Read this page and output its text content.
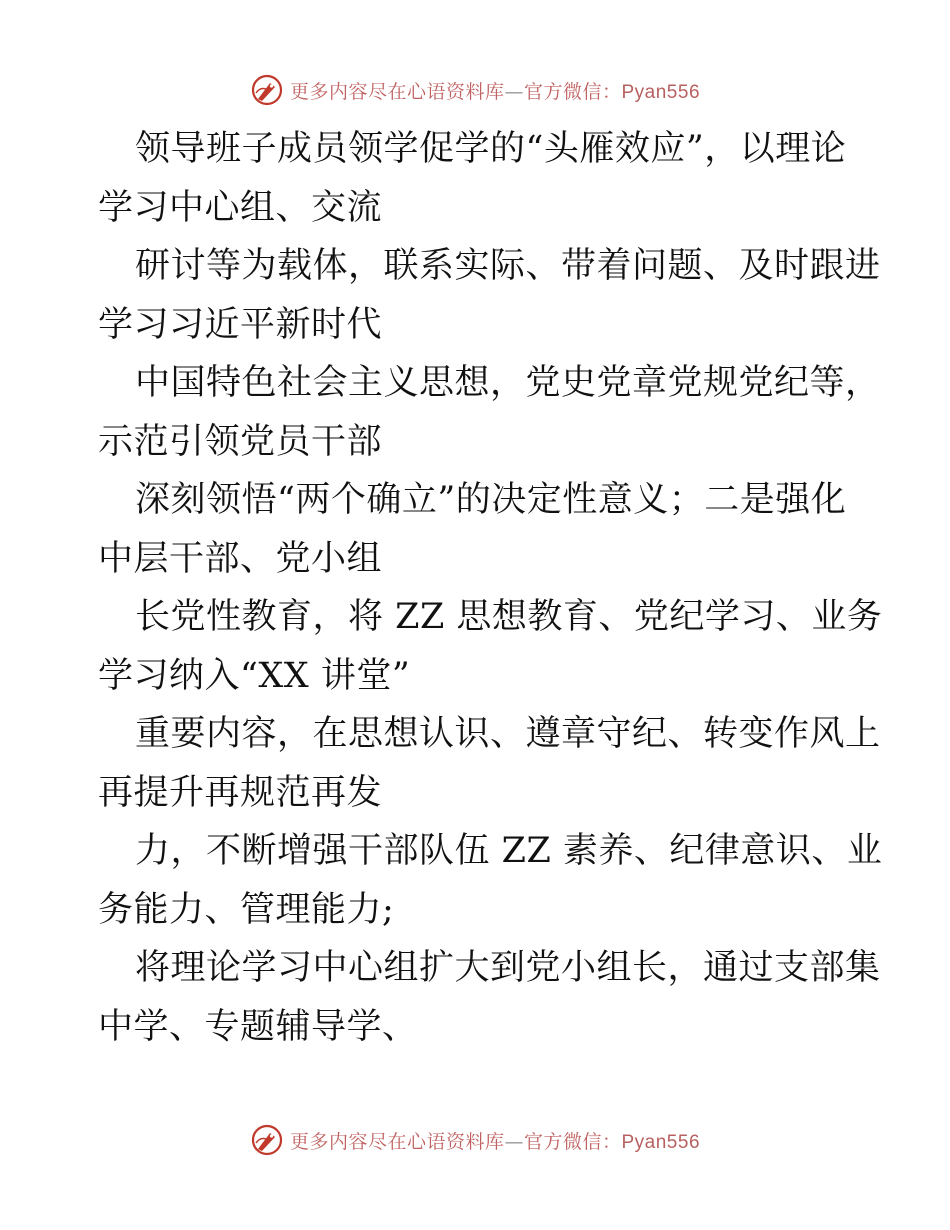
更多内容尽在心语资料库—官方微信：Pyan556
领导班子成员领学促学的“头雁效应”，以理论
学习中心组、交流
研讨等为载体，联系实际、带着问题、及时跟进
学习习近平新时代
中国特色社会主义思想，党史党章党规党纪等，
示范引领党员干部
深刻领悟“两个确立”的决定性意义；二是强化
中层干部、党小组
长党性教育，将 ZZ 思想教育、党纪学习、业务
学习纳入“XX 讲堂”
重要内容，在思想认识、遵章守纪、转变作风上
再提升再规范再发
力，不断增强干部队伍 ZZ 素养、纪律意识、业
务能力、管理能力;
将理论学习中心组扩大到党小组长，通过支部集
中学、专题辅导学、
更多内容尽在心语资料库—官方微信：Pyan556
